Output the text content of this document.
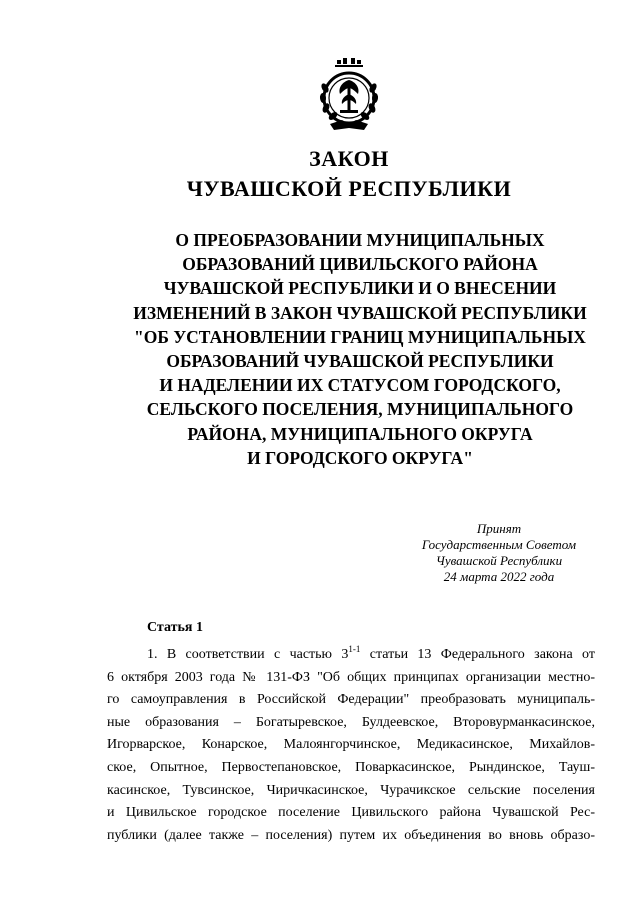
ЗАКОН
ЧУВАШСКОЙ РЕСПУБЛИКИ
О ПРЕОБРАЗОВАНИИ МУНИЦИПАЛЬНЫХ
ОБРАЗОВАНИЙ ЦИВИЛЬСКОГО РАЙОНА
ЧУВАШСКОЙ РЕСПУБЛИКИ И О ВНЕСЕНИИ
ИЗМЕНЕНИЙ В ЗАКОН ЧУВАШСКОЙ РЕСПУБЛИКИ
"ОБ УСТАНОВЛЕНИИ ГРАНИЦ МУНИЦИПАЛЬНЫХ
ОБРАЗОВАНИЙ ЧУВАШСКОЙ РЕСПУБЛИКИ
И НАДЕЛЕНИИ ИХ СТАТУСОМ ГОРОДСКОГО,
СЕЛЬСКОГО ПОСЕЛЕНИЯ, МУНИЦИПАЛЬНОГО
РАЙОНА, МУНИЦИПАЛЬНОГО ОКРУГА
И ГОРОДСКОГО ОКРУГА"
Принят
Государственным Советом
Чувашской Республики
24 марта 2022 года
Статья 1
1. В соответствии с частью 3$^{1-1}$ статьи 13 Федерального закона от
6 октября 2003 года № 131-ФЗ "Об общих принципах организации местно-
го самоуправления в Российской Федерации" преобразовать муниципаль-
ные образования – Богатыревское, Булдеевское, Второвурманкасинское,
Игорварское, Конарское, Малоянгорчинское, Медикасинское, Михайлов-
ское, Опытное, Первостепановское, Поваркасинское, Рындинское, Тауш-
касинское, Тувсинское, Чиричкасинское, Чурачикское сельские поселения
и Цивильское городское поселение Цивильского района Чувашской Рес-
публики (далее также – поселения) путем их объединения во вновь образо-
